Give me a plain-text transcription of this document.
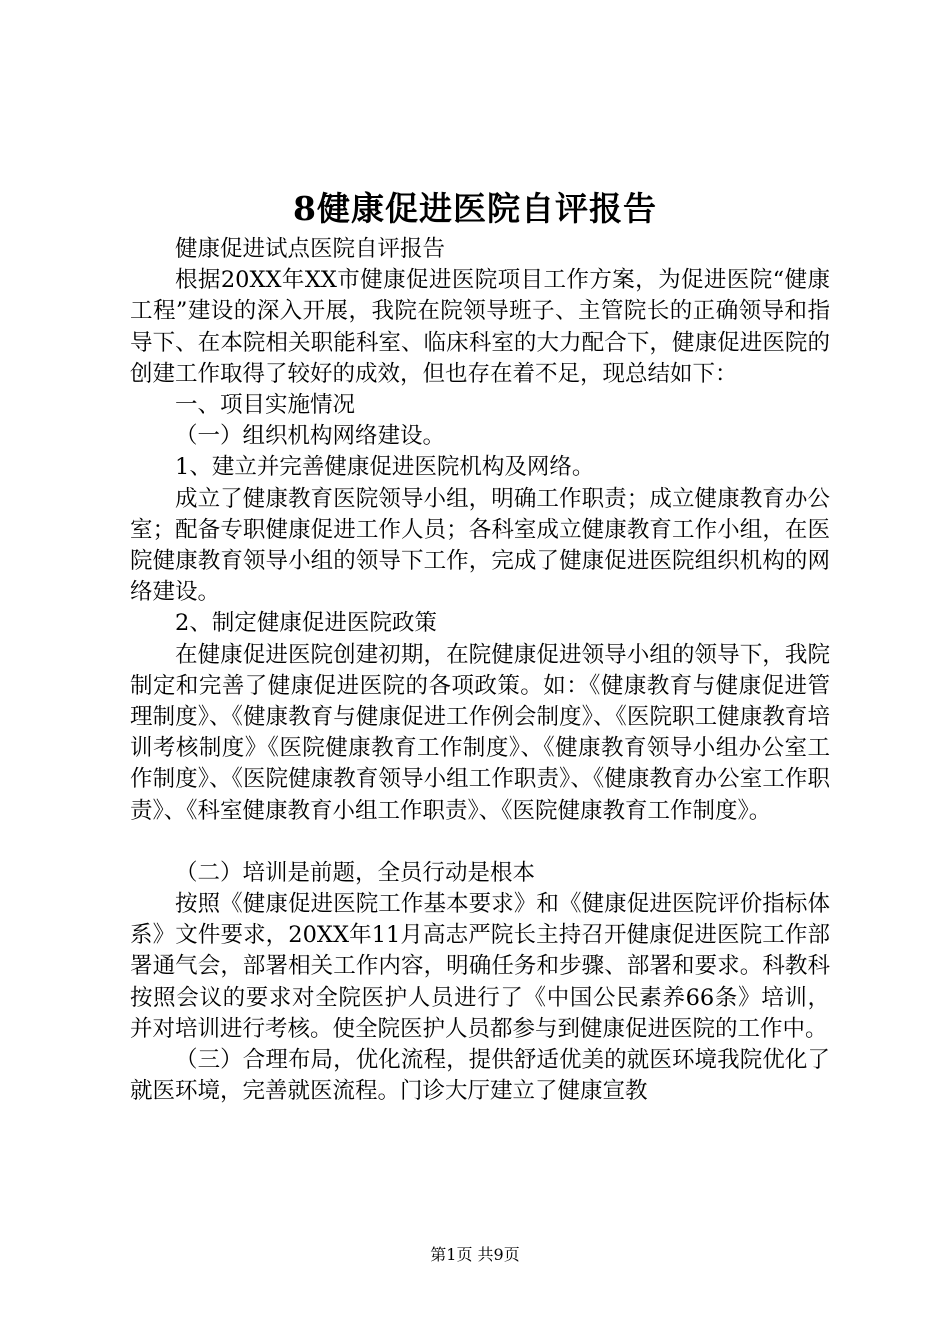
8健康促进医院自评报告

健康促进试点医院自评报告

根据20XX年XX市健康促进医院项目工作方案，为促进医院“健康工程”建设的深入开展，我院在院领导班子、主管院长的正确领导和指导下、在本院相关职能科室、临床科室的大力配合下，健康促进医院的创建工作取得了较好的成效，但也存在着不足，现总结如下：

一、项目实施情况

（一）组织机构网络建设。

1、建立并完善健康促进医院机构及网络。

成立了健康教育医院领导小组，明确工作职责；成立健康教育办公室；配备专职健康促进工作人员；各科室成立健康教育工作小组，在医院健康教育领导小组的领导下工作，完成了健康促进医院组织机构的网络建设。

2、制定健康促进医院政策

在健康促进医院创建初期，在院健康促进领导小组的领导下，我院制定和完善了健康促进医院的各项政策。如：《健康教育与健康促进管理制度》、《健康教育与健康促进工作例会制度》、《医院职工健康教育培训考核制度》《医院健康教育工作制度》、《健康教育领导小组办公室工作制度》、《医院健康教育领导小组工作职责》、《健康教育办公室工作职责》、《科室健康教育小组工作职责》、《医院健康教育工作制度》。

（二）培训是前题，全员行动是根本

按照《健康促进医院工作基本要求》和《健康促进医院评价指标体系》文件要求，20XX年11月高志严院长主持召开健康促进医院工作部署通气会，部署相关工作内容，明确任务和步骤、部署和要求。科教科按照会议的要求对全院医护人员进行了《中国公民素养66条》培训，并对培训进行考核。使全院医护人员都参与到健康促进医院的工作中。

（三）合理布局，优化流程，提供舒适优美的就医环境我院优化了就医环境，完善就医流程。门诊大厅建立了健康宣教

第1页 共9页
